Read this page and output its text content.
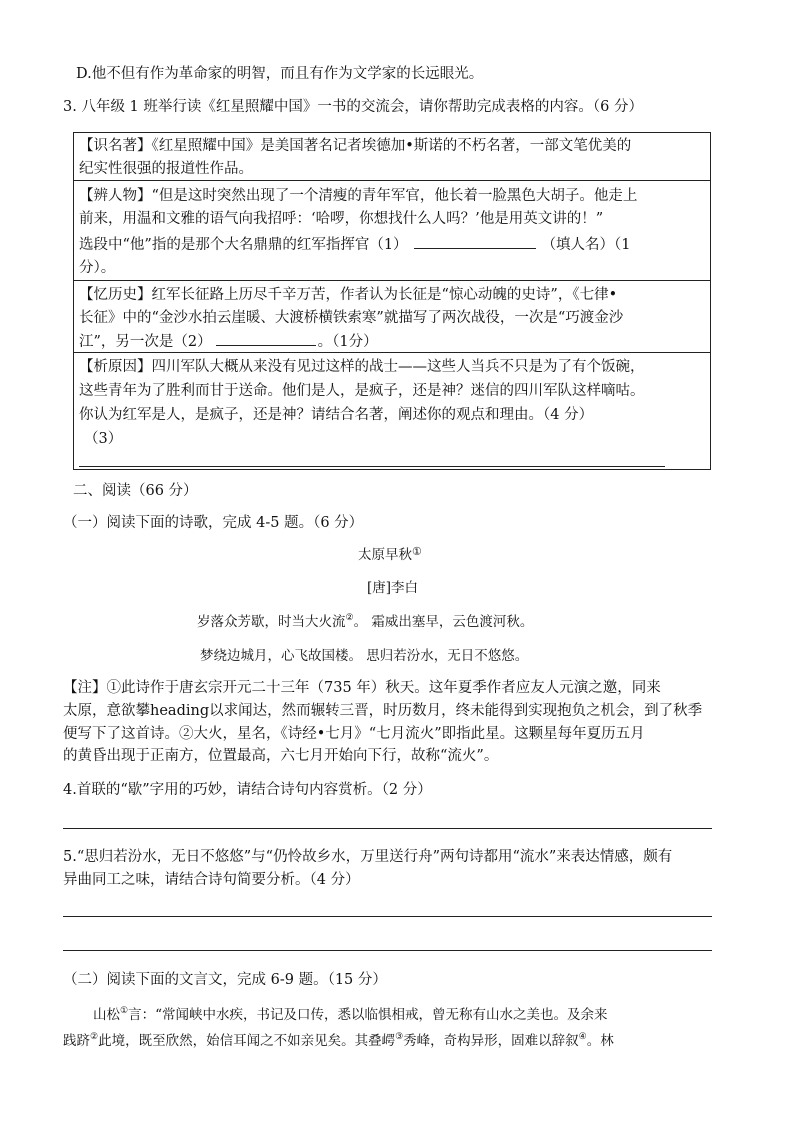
D.他不但有作为革命家的明智，而且有作为文学家的长远眼光。
3. 八年级 1 班举行读《红星照耀中国》一书的交流会，请你帮助完成表格的内容。（6 分）
【识名著】《红星照耀中国》是美国著名记者埃德加•斯诺的不朽名著，一部文笔优美的
纪实性很强的报道性作品。
【辨人物】“但是这时突然出现了一个清瘦的青年军官，他长着一脸黑色大胡子。他走上
前来，用温和文雅的语气向我招呼：‘哈啰，你想找什么人吗？’他是用英文讲的！”
选段中“他”指的是那个大名鼎鼎的红军指挥官（1）	（填人名）（1
分）。
【忆历史】红军长征路上历尽千辛万苦，作者认为长征是“惊心动魄的史诗”，《七律•
长征》中的“金沙水拍云崖暖、大渡桥横铁索寒”就描写了两次战役，一次是“巧渡金沙
江”，另一次是（2）	。（1分）
【析原因】四川军队大概从来没有见过这样的战士——这些人当兵不只是为了有个饭碗，
这些青年为了胜利而甘于送命。他们是人，是疯子，还是神？迷信的四川军队这样嘀咕。
你认为红军是人，是疯子，还是神？请结合名著，阐述你的观点和理由。（4 分）
（3）
二、阅读（66 分）
（一）阅读下面的诗歌，完成 4-5 题。（6 分）
太原早秋①
[唐]李白
岁落众芳歇，时当大火流②。 霜威出塞早，云色渡河秋。
梦绕边城月，心飞故国楼。 思归若汾水，无日不悠悠。
【注】①此诗作于唐玄宗开元二十三年（735 年）秋天。这年夏季作者应友人元演之邀，同来
太原，意欲攀heading以求闻达，然而辗转三晋，时历数月，终未能得到实现抱负之机会，到了秋季
便写下了这首诗。②大火，星名，《诗经•七月》“七月流火”即指此星。这颗星每年夏历五月
的黄昏出现于正南方，位置最高，六七月开始向下行，故称“流火”。
4.首联的“歇”字用的巧妙，请结合诗句内容赏析。（2 分）
5.“思归若汾水，无日不悠悠”与“仍怜故乡水，万里送行舟”两句诗都用“流水”来表达情感，颇有
异曲同工之味，请结合诗句简要分析。（4 分）
（二）阅读下面的文言文，完成 6-9 题。（15 分）
山松①言：“常闻峡中水疾，书记及口传，悉以临惧相戒，曾无称有山水之美也。及余来
践跻②此境，既至欣然，始信耳闻之不如亲见矣。其叠崿③秀峰，奇构异形，固难以辞叙④。林
